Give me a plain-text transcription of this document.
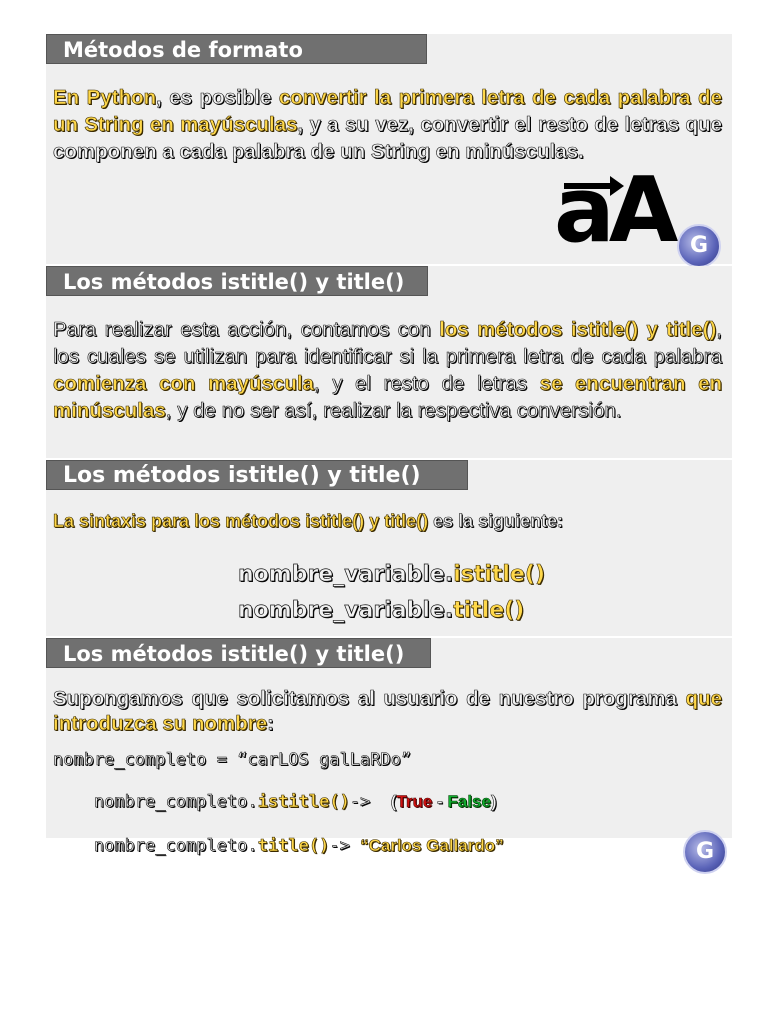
Métodos de formato
En Python, es posible convertir la primera letra de cada palabra de un String en mayúsculas, y a su vez, convertir el resto de letras que componen a cada palabra de un String en minúsculas.
aA G
Los métodos istitle() y title()
Para realizar esta acción, contamos con los métodos istitle() y title(), los cuales se utilizan para identificar si la primera letra de cada palabra comienza con mayúscula, y el resto de letras se encuentran en minúsculas, y de no ser así, realizar la respectiva conversión.
Los métodos istitle() y title()
La sintaxis para los métodos istitle() y title() es la siguiente:
nombre_variable.istitle()
nombre_variable.title()
Los métodos istitle() y title()
Supongamos que solicitamos al usuario de nuestro programa que introduzca su nombre:
nombre_completo = “carLOS galLaRDo”

nombre_completo.istitle()->  (True - False)

nombre_completo.title()-> “Carlos Gallardo”
	G
